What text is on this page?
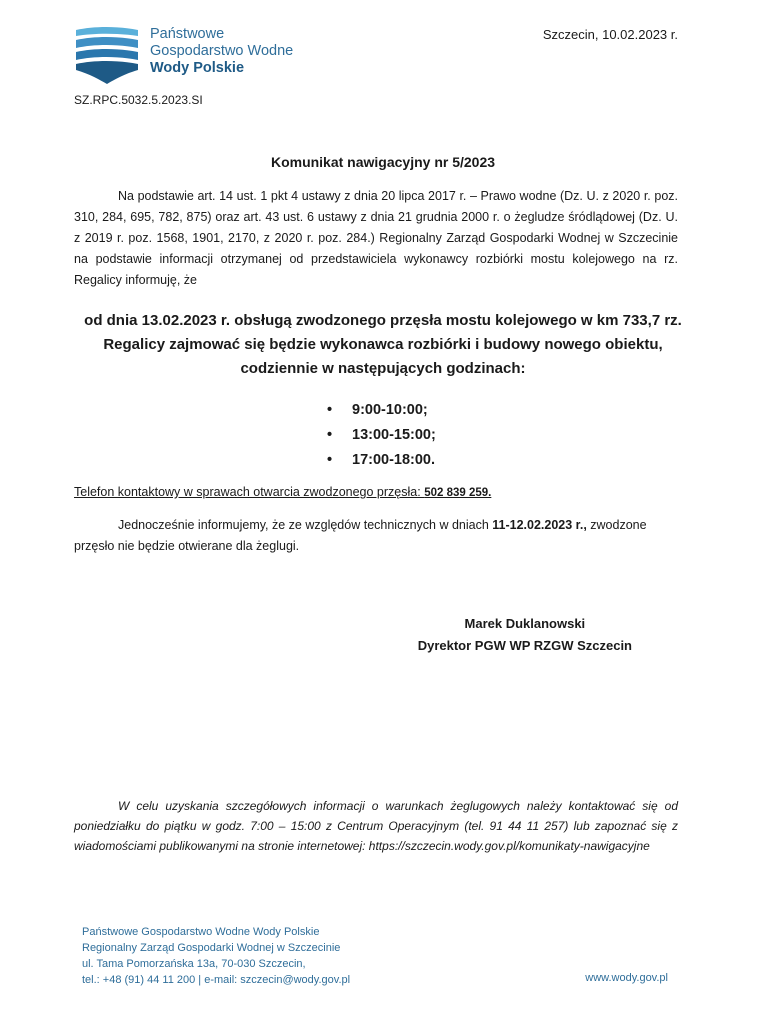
Państwowe
Gospodarstwo Wodne
Wody Polskie
Szczecin, 10.02.2023 r.
SZ.RPC.5032.5.2023.SI
Komunikat nawigacyjny nr 5/2023
Na podstawie art. 14 ust. 1 pkt 4 ustawy z dnia 20 lipca 2017 r. – Prawo wodne (Dz. U. z 2020 r. poz. 310, 284, 695, 782, 875) oraz art. 43 ust. 6 ustawy z dnia 21 grudnia 2000 r. o żegludze śródlądowej (Dz. U. z 2019 r. poz. 1568, 1901, 2170, z 2020 r. poz. 284.) Regionalny Zarząd Gospodarki Wodnej w Szczecinie na podstawie informacji otrzymanej od przedstawiciela wykonawcy rozbiórki mostu kolejowego na rz. Regalicy informuję, że
od dnia 13.02.2023 r. obsługą zwodzonego przęsła mostu kolejowego w km 733,7 rz. Regalicy zajmować się będzie wykonawca rozbiórki i budowy nowego obiektu, codziennie w następujących godzinach:
• 9:00-10:00;
• 13:00-15:00;
• 17:00-18:00.
Telefon kontaktowy w sprawach otwarcia zwodzonego przęsła: 502 839 259.
Jednocześnie informujemy, że ze względów technicznych w dniach 11-12.02.2023 r., zwodzone przęsło nie będzie otwierane dla żeglugi.
Marek Duklanowski
Dyrektor PGW WP RZGW Szczecin
W celu uzyskania szczegółowych informacji o warunkach żeglugowych należy kontaktować się od poniedziałku do piątku w godz. 7:00 – 15:00 z Centrum Operacyjnym (tel. 91 44 11 257) lub zapoznać się z wiadomościami publikowanymi na stronie internetowej: https://szczecin.wody.gov.pl/komunikaty-nawigacyjne
Państwowe Gospodarstwo Wodne Wody Polskie
Regionalny Zarząd Gospodarki Wodnej w Szczecinie
ul. Tama Pomorzańska 13a, 70-030 Szczecin,
tel.: +48 (91) 44 11 200 | e-mail: szczecin@wody.gov.pl	www.wody.gov.pl
